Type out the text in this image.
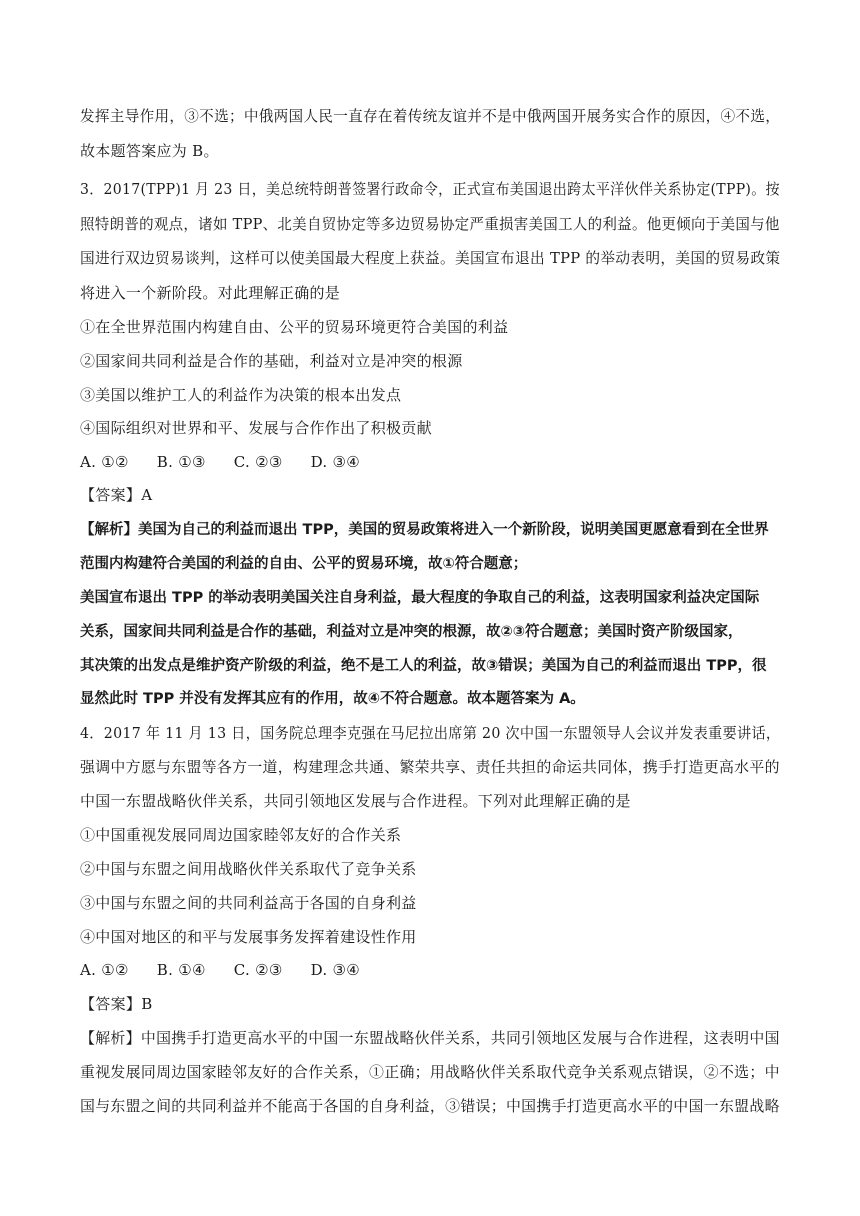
发挥主导作用，③不选；中俄两国人民一直存在着传统友谊并不是中俄两国开展务实合作的原因，④不选，
故本题答案应为 B。
3．2017(TPP)1 月 23 日，美总统特朗普签署行政命令，正式宣布美国退出跨太平洋伙伴关系协定(TPP)。按
照特朗普的观点，诸如 TPP、北美自贸协定等多边贸易协定严重损害美国工人的利益。他更倾向于美国与他
国进行双边贸易谈判，这样可以使美国最大程度上获益。美国宣布退出 TPP 的举动表明，美国的贸易政策
将进入一个新阶段。对此理解正确的是
①在全世界范围内构建自由、公平的贸易环境更符合美国的利益
②国家间共同利益是合作的基础，利益对立是冲突的根源
③美国以维护工人的利益作为决策的根本出发点
④国际组织对世界和平、发展与合作作出了积极贡献
A. ①② B. ①③ C. ②③ D. ③④
【答案】A
【解析】美国为自己的利益而退出 TPP，美国的贸易政策将进入一个新阶段，说明美国更愿意看到在全世界
范围内构建符合美国的利益的自由、公平的贸易环境，故①符合题意；
美国宣布退出 TPP 的举动表明美国关注自身利益，最大程度的争取自己的利益，这表明国家利益决定国际
关系，国家间共同利益是合作的基础，利益对立是冲突的根源，故②③符合题意；美国时资产阶级国家，
其决策的出发点是维护资产阶级的利益，绝不是工人的利益，故③错误；美国为自己的利益而退出 TPP，很
显然此时 TPP 并没有发挥其应有的作用，故④不符合题意。故本题答案为 A。
4．2017 年 11 月 13 日，国务院总理李克强在马尼拉出席第 20 次中国一东盟领导人会议并发表重要讲话，
强调中方愿与东盟等各方一道，构建理念共通、繁荣共享、责任共担的命运共同体，携手打造更高水平的
中国一东盟战略伙伴关系，共同引领地区发展与合作进程。下列对此理解正确的是
①中国重视发展同周边国家睦邻友好的合作关系
②中国与东盟之间用战略伙伴关系取代了竞争关系
③中国与东盟之间的共同利益高于各国的自身利益
④中国对地区的和平与发展事务发挥着建设性作用
A. ①② B. ①④ C. ②③ D. ③④
【答案】B
【解析】中国携手打造更高水平的中国一东盟战略伙伴关系，共同引领地区发展与合作进程，这表明中国
重视发展同周边国家睦邻友好的合作关系，①正确；用战略伙伴关系取代竞争关系观点错误，②不选；中
国与东盟之间的共同利益并不能高于各国的自身利益，③错误；中国携手打造更高水平的中国一东盟战略
